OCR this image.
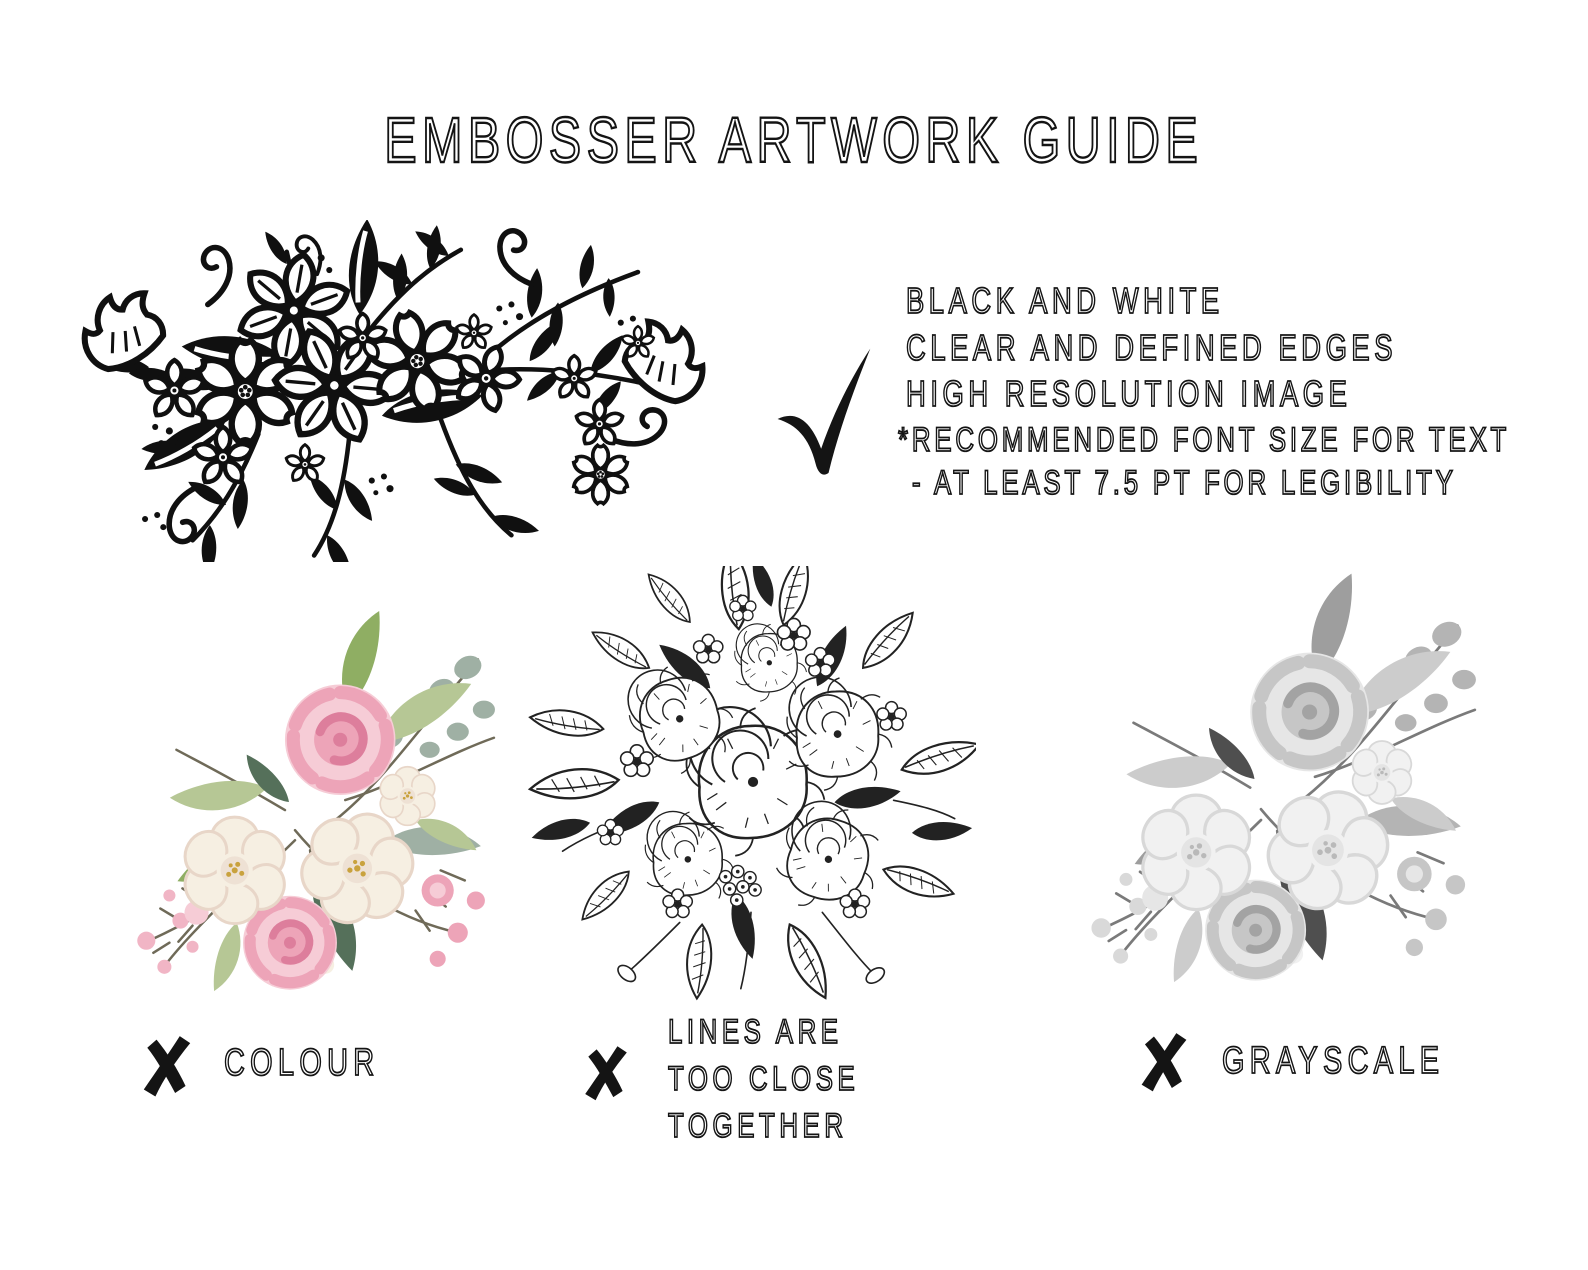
EMBOSSER ARTWORK GUIDE
BLACK AND WHITE
CLEAR AND DEFINED EDGES
HIGH RESOLUTION IMAGE
*RECOMMENDED FONT SIZE FOR TEXT
- AT LEAST 7.5 PT FOR LEGIBILITY
COLOUR
LINES ARE
TOO CLOSE
TOGETHER
GRAYSCALE
